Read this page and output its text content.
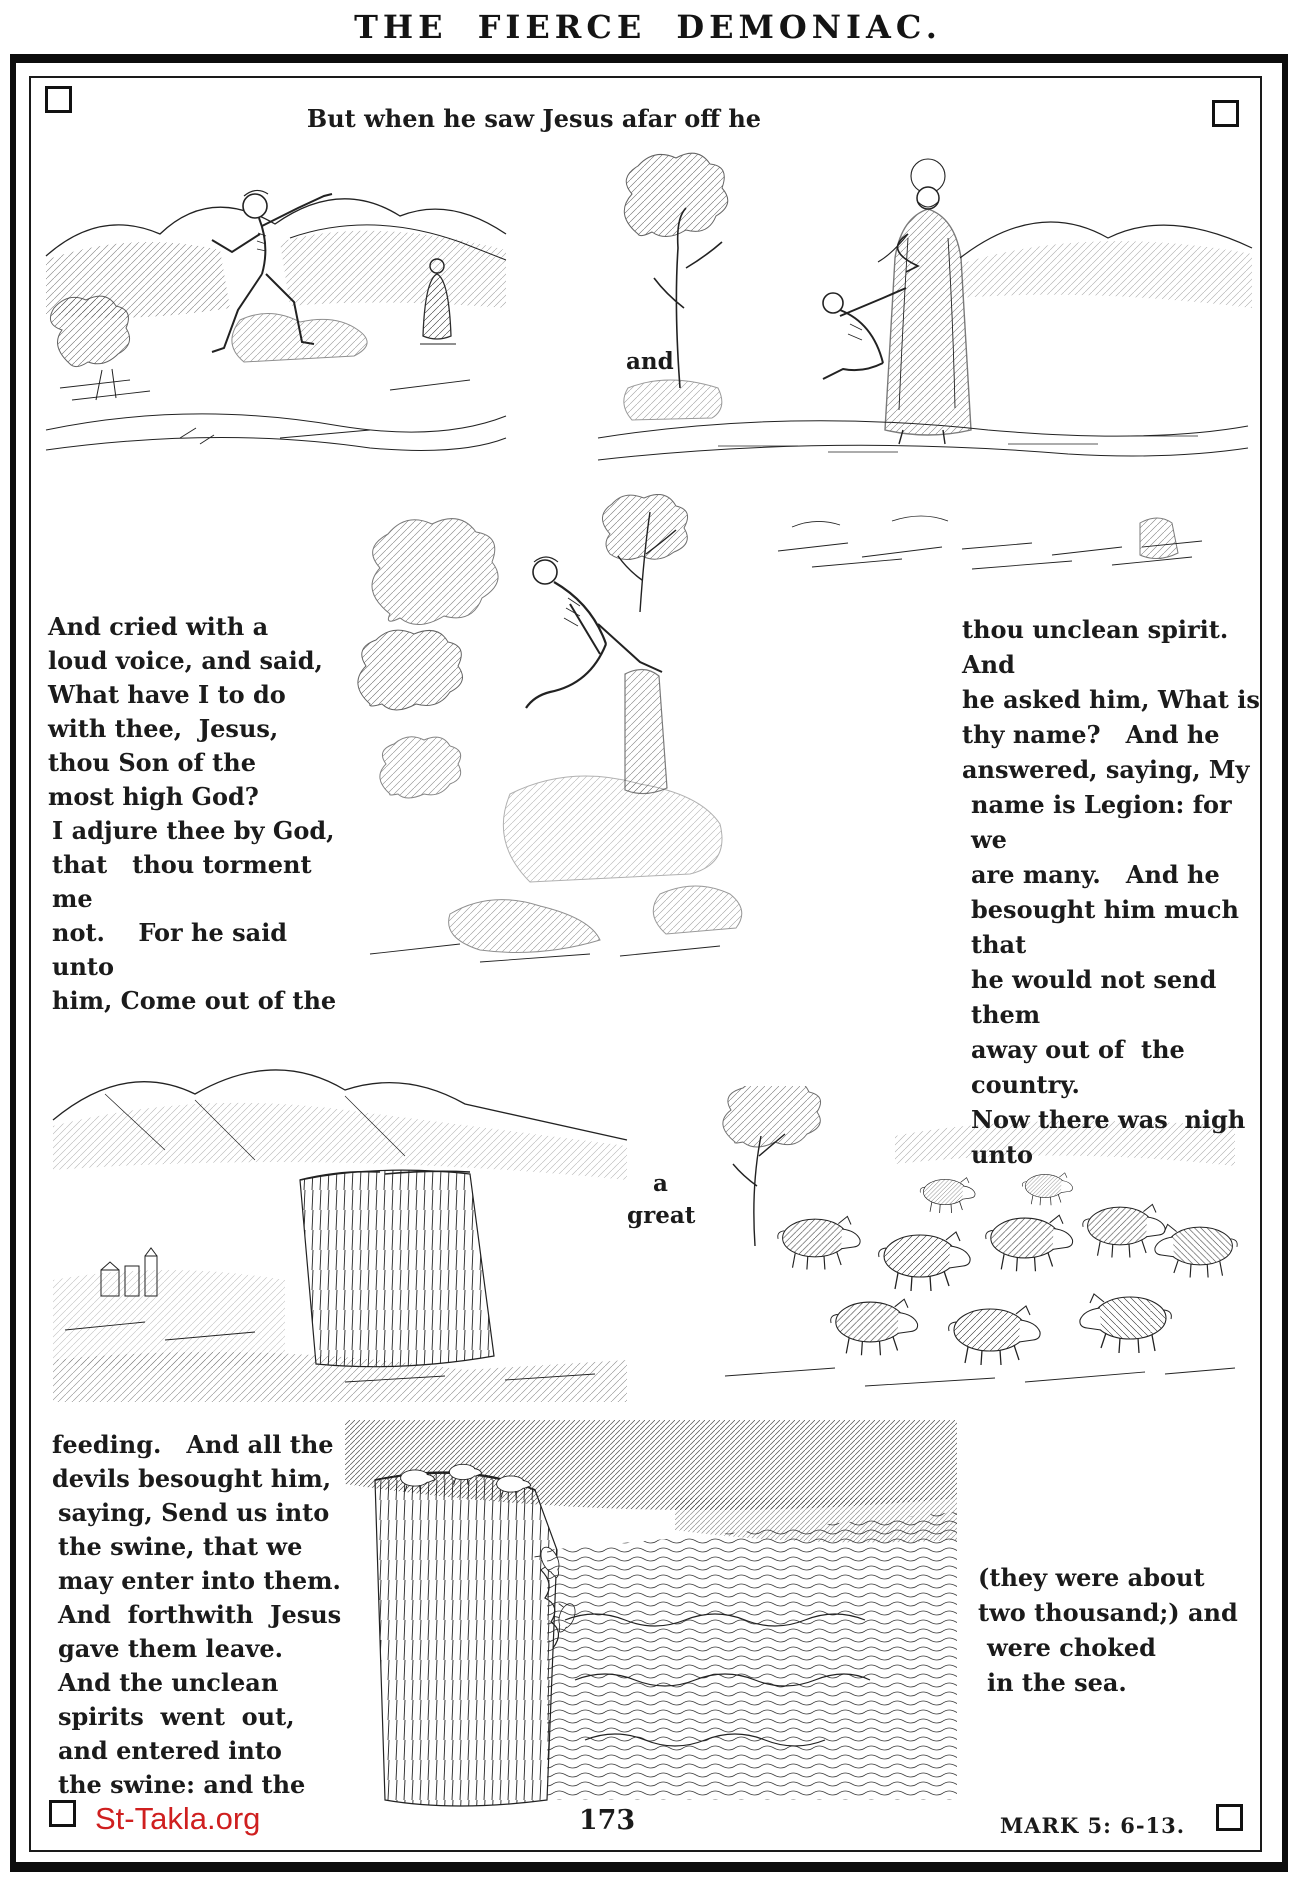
THE FIERCE DEMONIAC.
But when he saw Jesus afar off he
and
And cried with a
loud voice, and said,
What have I to do
with thee,  Jesus,
thou Son of the
most high God?
I adjure thee by God,
that   thou torment me
not.    For he said unto
him, Come out of the
thou unclean spirit.   And
he asked him, What is
thy name?   And he
answered, saying, My
name is Legion: for we
are many.   And he
besought him much that
he would not send them
away out of  the country.
Now there was  nigh unto
a
great
feeding.   And all the
devils besought him,
saying, Send us into
the swine, that we
may enter into them.
And  forthwith  Jesus
gave them leave.
And the unclean
spirits  went  out,
and entered into
the swine: and the
(they were about
two thousand;) and
were choked
in the sea.
St-Takla.org	173	MARK 5: 6-13.
